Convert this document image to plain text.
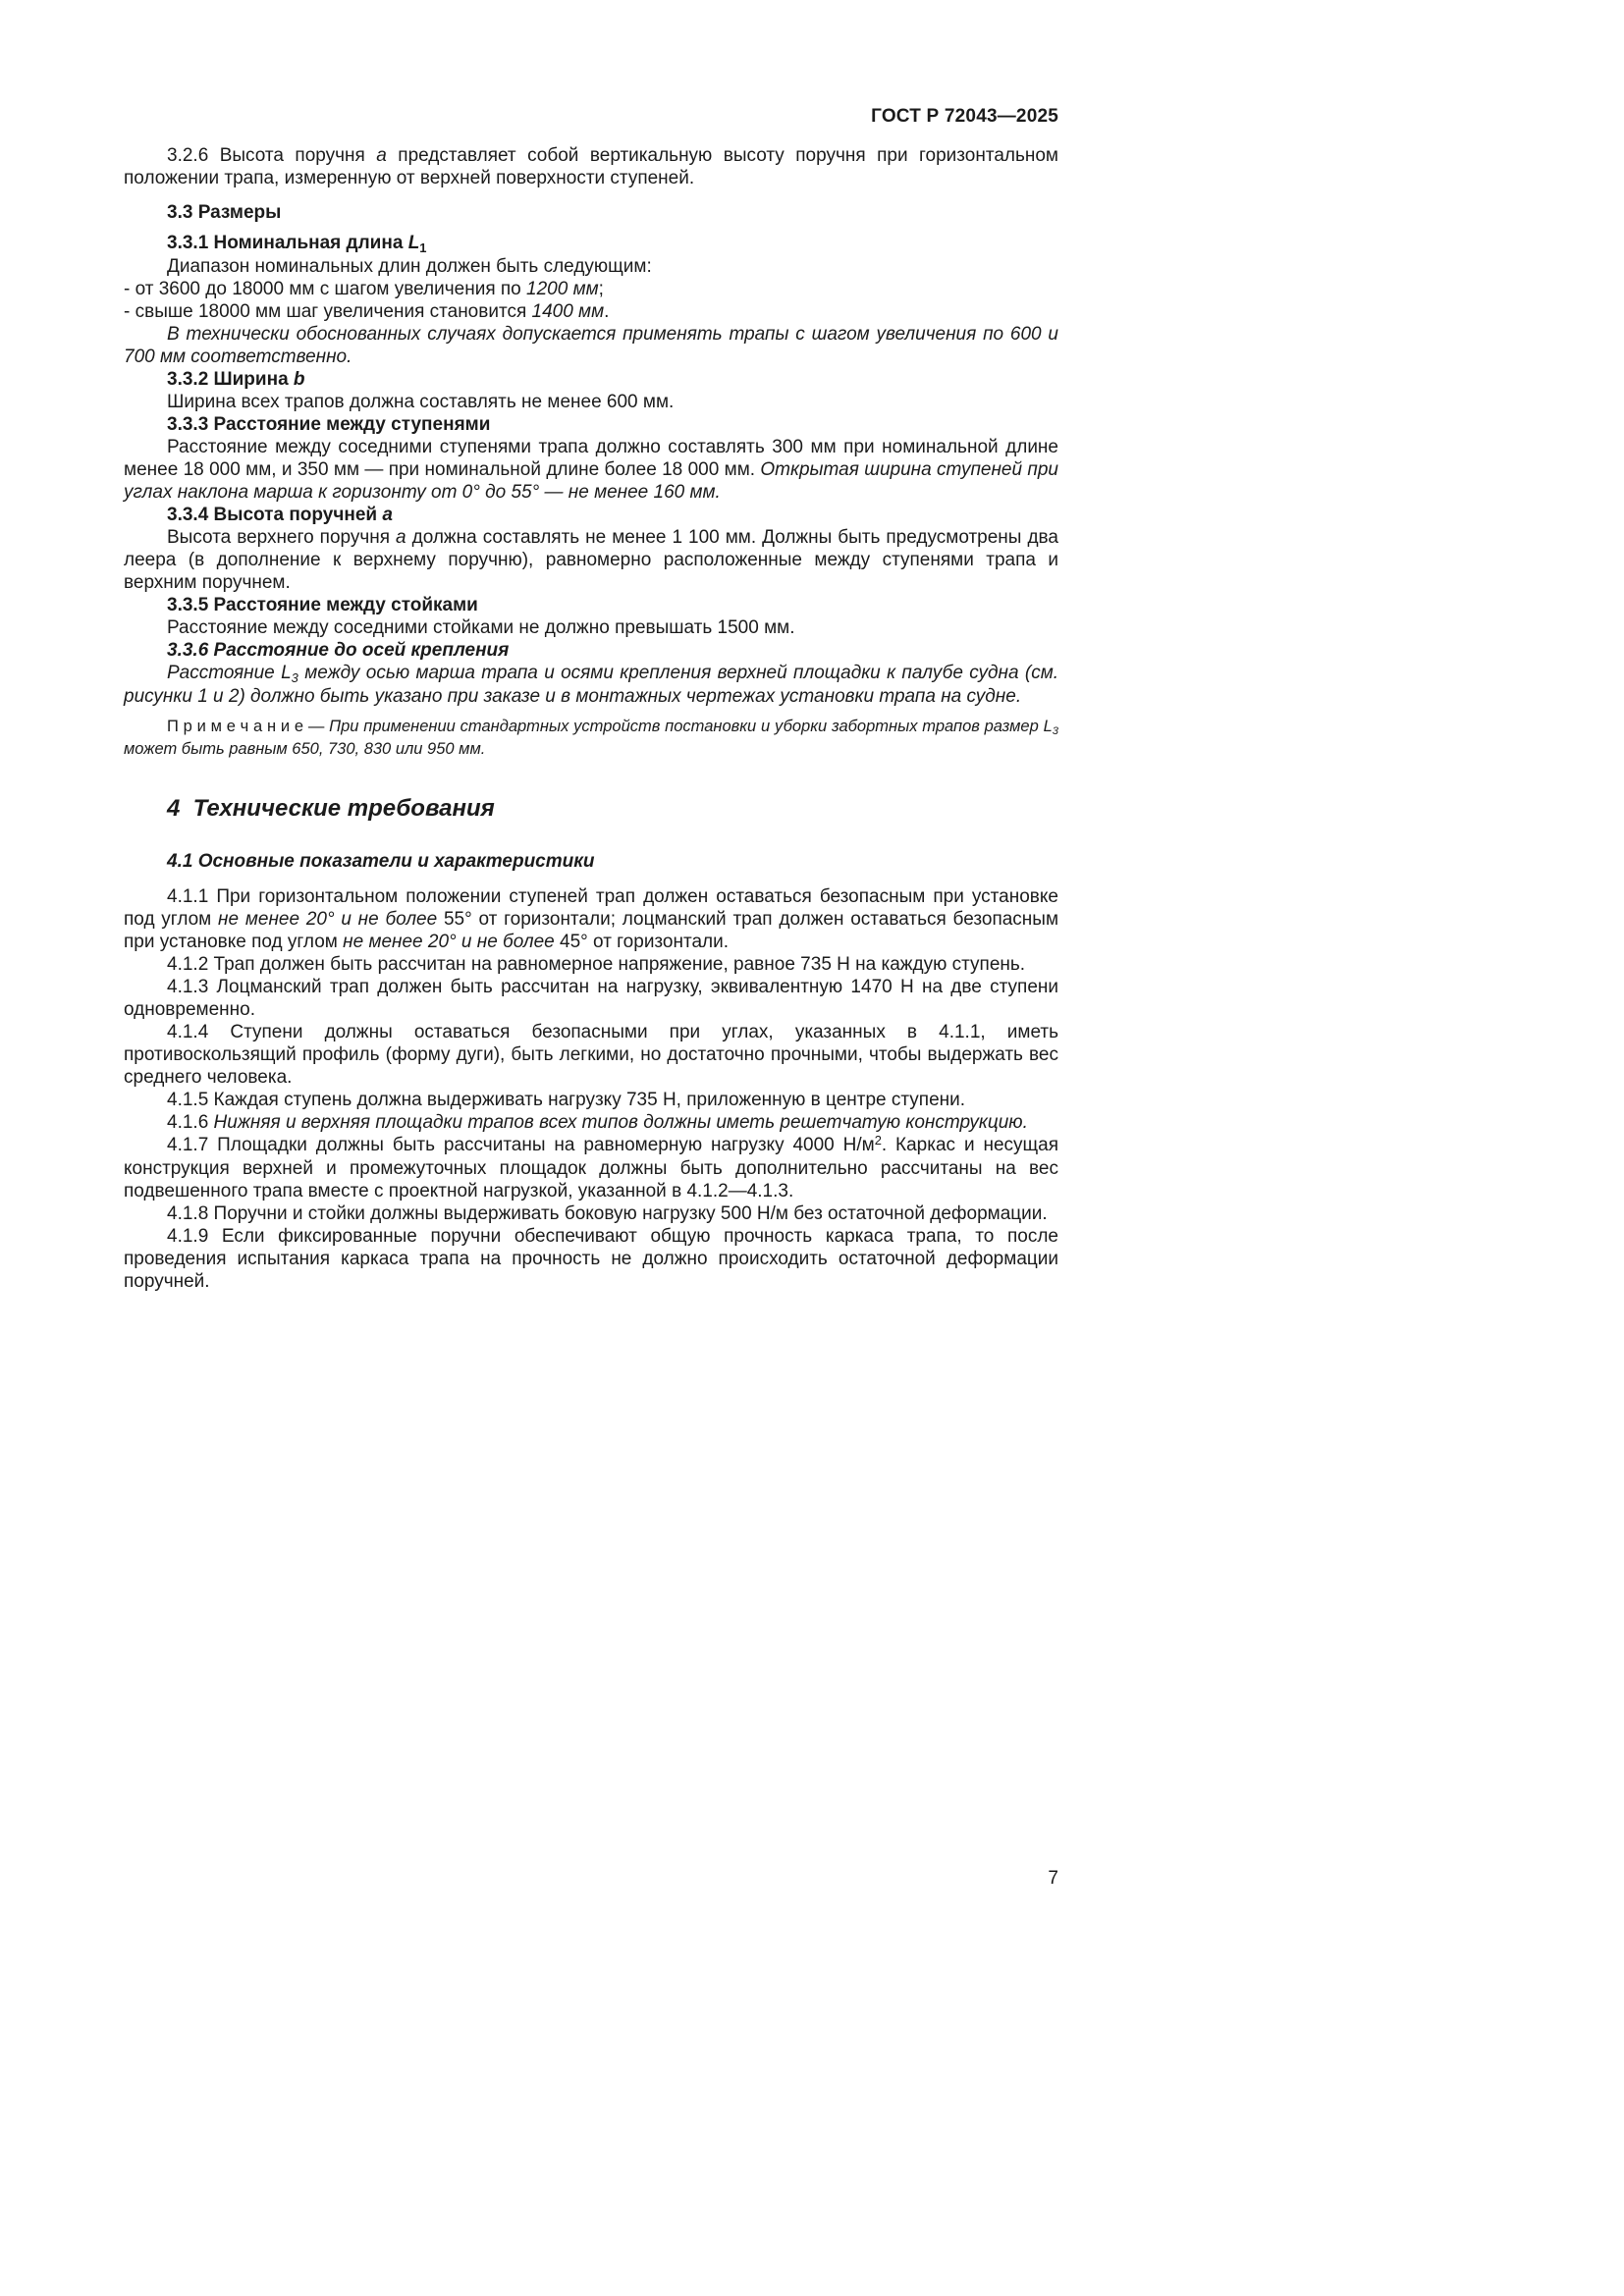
ГОСТ Р 72043—2025

3.2.6 Высота поручня а представляет собой вертикальную высоту поручня при горизонтальном положении трапа, измеренную от верхней поверхности ступеней.

3.3 Размеры

3.3.1 Номинальная длина L1

Диапазон номинальных длин должен быть следующим:

- от 3600 до 18000 мм с шагом увеличения по 1200 мм;

- свыше 18000 мм шаг увеличения становится 1400 мм.

В технически обоснованных случаях допускается применять трапы с шагом увеличения по 600 и 700 мм соответственно.

3.3.2 Ширина b

Ширина всех трапов должна составлять не менее 600 мм.

3.3.3 Расстояние между ступенями

Расстояние между соседними ступенями трапа должно составлять 300 мм при номинальной длине менее 18 000 мм, и 350 мм — при номинальной длине более 18 000 мм. Открытая ширина ступеней при углах наклона марша к горизонту от 0° до 55° — не менее 160 мм.

3.3.4 Высота поручней а

Высота верхнего поручня а должна составлять не менее 1 100 мм. Должны быть предусмотрены два леера (в дополнение к верхнему поручню), равномерно расположенные между ступенями трапа и верхним поручнем.

3.3.5 Расстояние между стойками

Расстояние между соседними стойками не должно превышать 1500 мм.

3.3.6 Расстояние до осей крепления

Расстояние L3 между осью марша трапа и осями крепления верхней площадки к палубе судна (см. рисунки 1 и 2) должно быть указано при заказе и в монтажных чертежах установки трапа на судне.

П р и м е ч а н и е — При применении стандартных устройств постановки и уборки забортных трапов размер L3 может быть равным 650, 730, 830 или 950 мм.

4  Технические требования

4.1 Основные показатели и характеристики

4.1.1 При горизонтальном положении ступеней трап должен оставаться безопасным при установке под углом не менее 20° и не более 55° от горизонтали; лоцманский трап должен оставаться безопасным при установке под углом не менее 20° и не более 45° от горизонтали.

4.1.2 Трап должен быть рассчитан на равномерное напряжение, равное 735 Н на каждую ступень.

4.1.3 Лоцманский трап должен быть рассчитан на нагрузку, эквивалентную 1470 Н на две ступени одновременно.

4.1.4 Ступени должны оставаться безопасными при углах, указанных в 4.1.1, иметь противоскользящий профиль (форму дуги), быть легкими, но достаточно прочными, чтобы выдержать вес среднего человека.

4.1.5 Каждая ступень должна выдерживать нагрузку 735 Н, приложенную в центре ступени.

4.1.6 Нижняя и верхняя площадки трапов всех типов должны иметь решетчатую конструкцию.

4.1.7 Площадки должны быть рассчитаны на равномерную нагрузку 4000 $Н/м^2$. Каркас и несущая конструкция верхней и промежуточных площадок должны быть дополнительно рассчитаны на вес подвешенного трапа вместе с проектной нагрузкой, указанной в 4.1.2—4.1.3.

4.1.8 Поручни и стойки должны выдерживать боковую нагрузку 500 Н/м без остаточной деформации.

4.1.9 Если фиксированные поручни обеспечивают общую прочность каркаса трапа, то после проведения испытания каркаса трапа на прочность не должно происходить остаточной деформации поручней.

7
